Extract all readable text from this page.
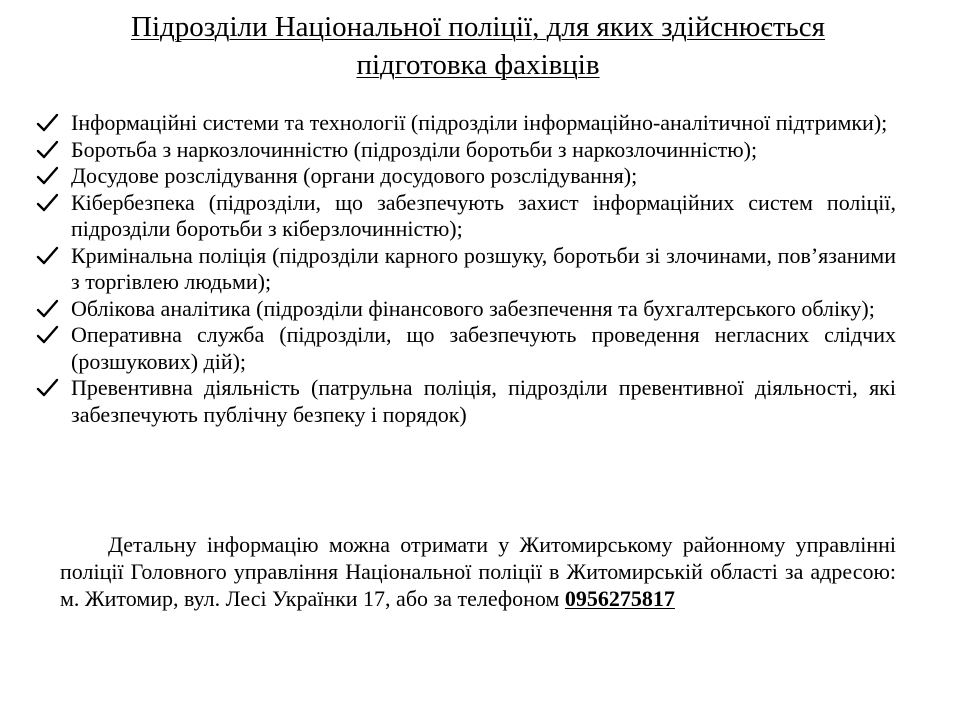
Підрозділи Національної поліції, для яких здійснюється
підготовка фахівців
Інформаційні системи та технології (підрозділи інформаційно-аналітичної підтримки);
Боротьба з наркозлочинністю (підрозділи боротьби з наркозлочинністю);
Досудове розслідування (органи досудового розслідування);
Кібербезпека (підрозділи, що забезпечують захист інформаційних систем поліції, підрозділи боротьби з кіберзлочинністю);
Кримінальна поліція (підрозділи карного розшуку, боротьби зі злочинами, пов’язаними з торгівлею людьми);
Облікова аналітика (підрозділи фінансового забезпечення та бухгалтерського обліку);
Оперативна служба (підрозділи, що забезпечують проведення негласних слідчих (розшукових) дій);
Превентивна діяльність (патрульна поліція, підрозділи превентивної діяльності, які забезпечують публічну безпеку і порядок)

Детальну інформацію можна отримати у Житомирському районному управлінні поліції Головного управління Національної поліції в Житомирській області за адресою: м. Житомир, вул. Лесі Українки 17, або за телефоном 0956275817
